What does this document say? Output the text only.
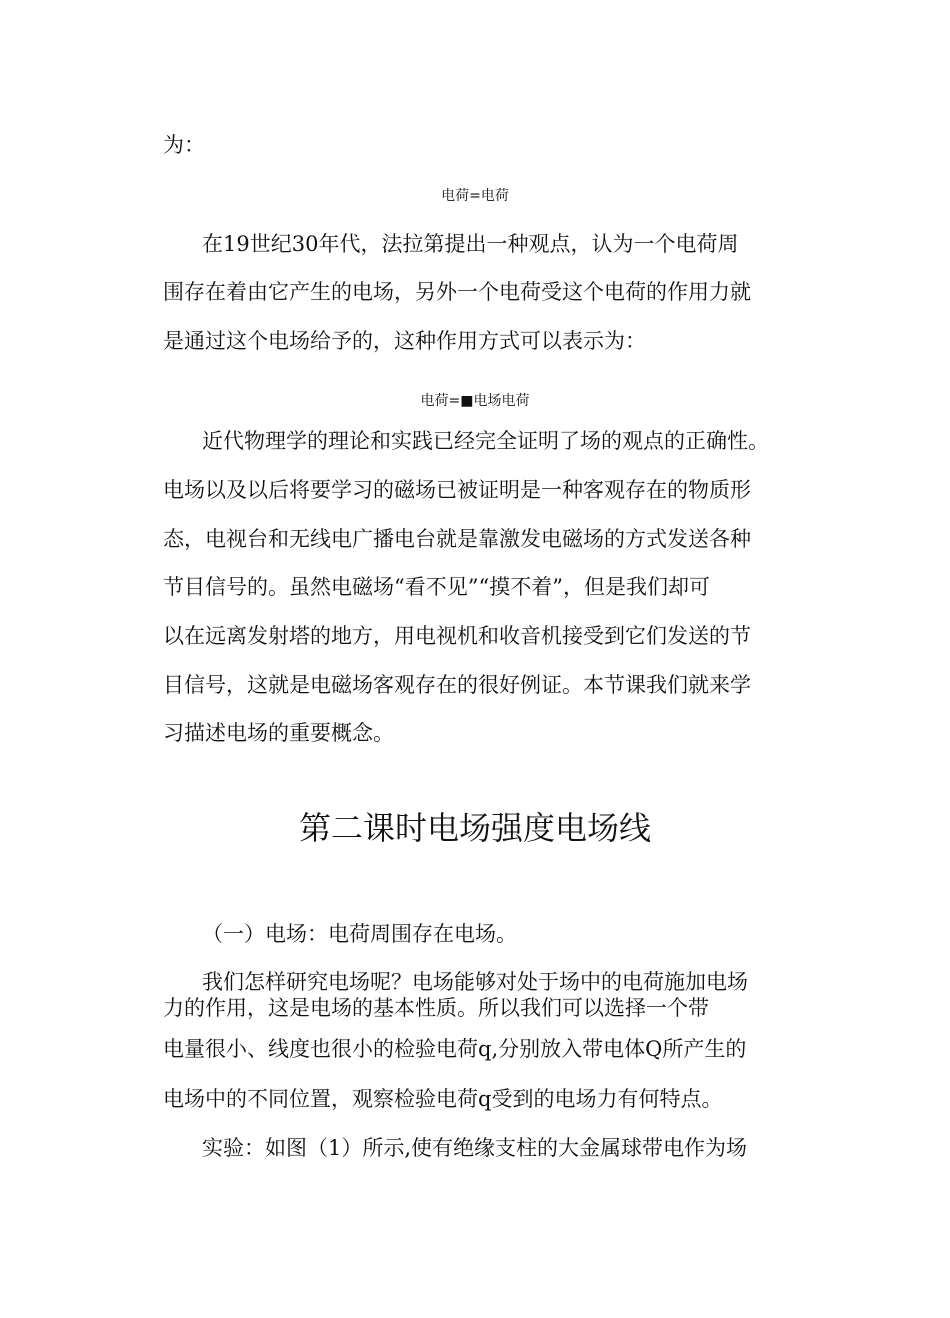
为：
电荷=电荷
在19世纪30年代，法拉第提出一种观点，认为一个电荷周
围存在着由它产生的电场，另外一个电荷受这个电荷的作用力就
是通过这个电场给予的，这种作用方式可以表示为：
电荷=■电场电荷
近代物理学的理论和实践已经完全证明了场的观点的正确性。
电场以及以后将要学习的磁场已被证明是一种客观存在的物质形
态，电视台和无线电广播电台就是靠激发电磁场的方式发送各种
节目信号的。虽然电磁场“看不见”“摸不着”，但是我们却可
以在远离发射塔的地方，用电视机和收音机接受到它们发送的节
目信号，这就是电磁场客观存在的很好例证。本节课我们就来学
习描述电场的重要概念。
第二课时电场强度电场线
（一）电场：电荷周围存在电场。
我们怎样研究电场呢？电场能够对处于场中的电荷施加电场
力的作用，这是电场的基本性质。所以我们可以选择一个带
电量很小、线度也很小的检验电荷q,分别放入带电体Q所产生的
电场中的不同位置，观察检验电荷q受到的电场力有何特点。
实验：如图（1）所示,使有绝缘支柱的大金属球带电作为场
